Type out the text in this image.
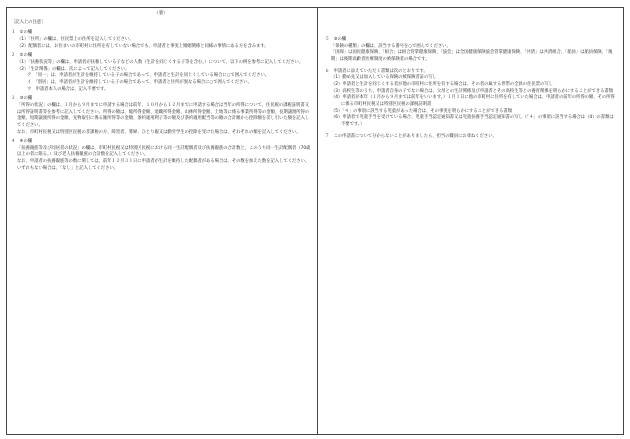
（裏）

［記入上の注意］

１　①の欄

（1）「住所」の欄は、住民票上の住所を記入してください。

（2）配偶者には、お住まいの市町村に住所を有していない場合でも、申請者と事実上婚姻関係と同様の事情にある方を含みます。

２　②の欄

（1）「扶養状況等」の欄は、申請者が扶養している子などの人数（生計を同じくする子等を含む。）について、以下の例を参考に記入してください。

（2）「生計関係」の欄は、次によって記入してください。

ア　「同一」は、申請者が生計を維持している子の場合であって、申請者と生計を同じくしている場合に○で囲んでください。

イ　「別居」は、申請者が生計を維持している子の場合であって、申請者と住所が異なる場合に○で囲んでください。

ウ　申請者本人の場合は、記入不要です。

３　③の欄

「所得の状況」の欄は、１月から９月までに申請する場合は前年、１０月から１２月までに申請する場合は当年の所得について、住民税の課税証明書又は所得証明書等を参考に記入してください。所得の額は、総所得金額、退職所得金額、山林所得金額、土地等に係る事業所得等の金額、長期譲渡所得の金額、短期譲渡所得の金額、先物取引に係る雑所得等の金額、条約適用利子等の額及び条約適用配当等の額の合計額から控除額を差し引いた額を記入してください。

なお、市町村民税又は特別区民税の非課税の方、障害者、寡婦、ひとり親又は勤労学生の控除を受けた場合は、それぞれの額を記入してください。

４　④の欄

「扶養親族等及び同居者の状況」の欄は、市町村民税又は特別区民税における同一生計配偶者及び扶養親族の合計数と、このうち同一生計配偶者（70歳以上の者に限る。）及び老人扶養親族の合計数を記入してください。

なお、申請者の扶養親族等の数に関しては、前年１２月３１日に申請者が生計を維持した配偶者がある場合は、その数を加えた数を記入してください。

いずれもない場合は、「なし」と記入してください。

５　⑤の欄

「保険の種類」の欄は、該当する番号を○で囲んでください。

「国保」は国民健康保険、「組合」は組合管掌健康保険、「協会」は全国健康保険協会管掌健康保険、「共済」は共済組合、「船員」は船員保険、「後期」は後期高齢者医療制度の被保険者の場合です。

６　申請者に添えていただく書類は次のとおりです。

（1）勤め先又は加入している保険の被保険者証の写し

（2）申請者と生計を同じくする者が他の市町村に住所を有する場合は、その者の属する世帯の全員の住民票の写し

（3）高校生等のうち、申請者自身の子でない場合は、父母との生計関係及び申請者とその高校生等との養育関係を明らかにすることができる書類

（4）申請者が本年（１月から９月までは前年をいいます。）１月１日に他の市町村に住所を有していた場合は、申請者の前年の所得の額、その所得に係る市町村民税又は特別区民税の課税証明書

（5）「４」の事項に該当する児童があった場合は、その事実を明らかにすることができる書類

（6）申請者で児童手当を受けている場合、児童手当認定通知書又は児童扶養手当認定通知書の写し（「４」の事項に該当する場合は（4）の書類は不要です。）

７　この申請書について分からないことがありましたら、担当の職員にお尋ねください。
